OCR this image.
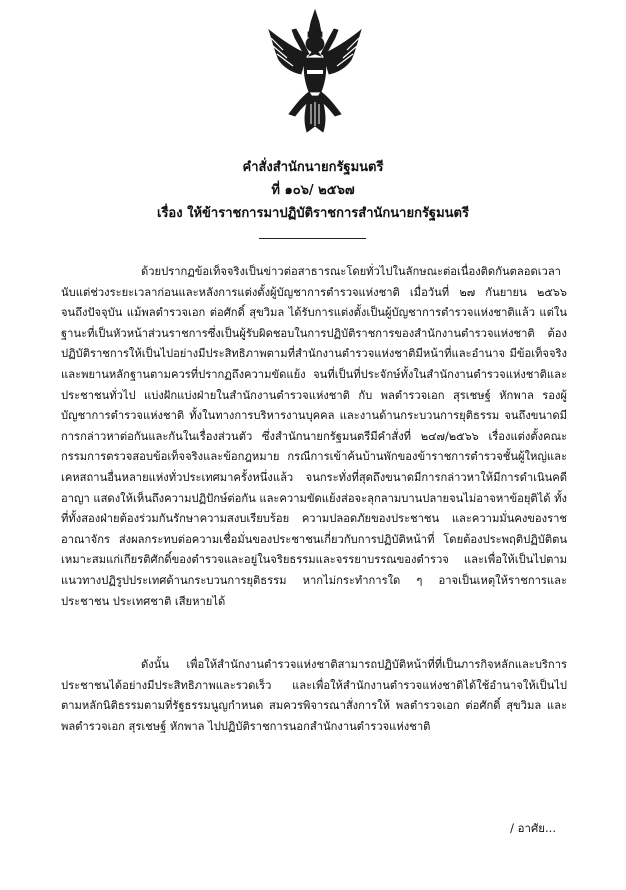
คำสั่งสำนักนายกรัฐมนตรี
ที่ ๑๐๖/ ๒๕๖๗
เรื่อง ให้ข้าราชการมาปฏิบัติราชการสำนักนายกรัฐมนตรี

ด้วยปรากฏข้อเท็จจริงเป็นข่าวต่อสาธารณะโดยทั่วไปในลักษณะต่อเนื่องติดกันตลอดเวลา นับแต่ช่วงระยะเวลาก่อนและหลังการแต่งตั้งผู้บัญชาการตำรวจแห่งชาติ เมื่อวันที่ ๒๗ กันยายน ๒๕๖๖ จนถึงปัจจุบัน แม้พลตำรวจเอก ต่อศักดิ์ สุขวิมล ได้รับการแต่งตั้งเป็นผู้บัญชาการตำรวจแห่งชาติแล้ว แต่ในฐานะที่เป็นหัวหน้าส่วนราชการซึ่งเป็นผู้รับผิดชอบในการปฏิบัติราชการของสำนักงานตำรวจแห่งชาติ ต้องปฏิบัติราชการให้เป็นไปอย่างมีประสิทธิภาพตามที่สำนักงานตำรวจแห่งชาติมีหน้าที่และอำนาจ มีข้อเท็จจริงและพยานหลักฐานตามควรที่ปรากฏถึงความขัดแย้ง จนที่เป็นที่ประจักษ์ทั้งในสำนักงานตำรวจแห่งชาติและประชาชนทั่วไป แบ่งฝักแบ่งฝ่ายในสำนักงานตำรวจแห่งชาติ กับ พลตำรวจเอก สุรเชษฐ์ หักพาล รองผู้บัญชาการตำรวจแห่งชาติ ทั้งในทางการบริหารงานบุคคล และงานด้านกระบวนการยุติธรรม จนถึงขนาดมีการกล่าวหาต่อกันและกันในเรื่องส่วนตัว ซึ่งสำนักนายกรัฐมนตรีมีคำสั่งที่ ๒๔๗/๒๕๖๖ เรื่องแต่งตั้งคณะกรรมการตรวจสอบข้อเท็จจริงและข้อกฎหมาย กรณีการเข้าค้นบ้านพักของข้าราชการตำรวจชั้นผู้ใหญ่และเคหสถานอื่นหลายแห่งทั่วประเทศมาครั้งหนึ่งแล้ว จนกระทั่งที่สุดถึงขนาดมีการกล่าวหาให้มีการดำเนินคดีอาญา แสดงให้เห็นถึงความปฏิปักษ์ต่อกัน และความขัดแย้งส่อจะลุกลามบานปลายจนไม่อาจหาข้อยุติได้ ทั้งที่ทั้งสองฝ่ายต้องร่วมกันรักษาความสงบเรียบร้อย ความปลอดภัยของประชาชน และความมั่นคงของราชอาณาจักร ส่งผลกระทบต่อความเชื่อมั่นของประชาชนเกี่ยวกับการปฏิบัติหน้าที่ โดยต้องประพฤติปฏิบัติตนเหมาะสมแก่เกียรติศักดิ์ของตำรวจและอยู่ในจริยธรรมและจรรยาบรรณของตำรวจ และเพื่อให้เป็นไปตามแนวทางปฏิรูปประเทศด้านกระบวนการยุติธรรม หากไม่กระทำการใด ๆ อาจเป็นเหตุให้ราชการและประชาชน ประเทศชาติ เสียหายได้

ดังนั้น เพื่อให้สำนักงานตำรวจแห่งชาติสามารถปฏิบัติหน้าที่ที่เป็นภารกิจหลักและบริการประชาชนได้อย่างมีประสิทธิภาพและรวดเร็ว และเพื่อให้สำนักงานตำรวจแห่งชาติได้ใช้อำนาจให้เป็นไปตามหลักนิติธรรมตามที่รัฐธรรมนูญกำหนด สมควรพิจารณาสั่งการให้ พลตำรวจเอก ต่อศักดิ์ สุขวิมล และ พลตำรวจเอก สุรเชษฐ์ หักพาล ไปปฏิบัติราชการนอกสำนักงานตำรวจแห่งชาติ

/ อาศัย...
